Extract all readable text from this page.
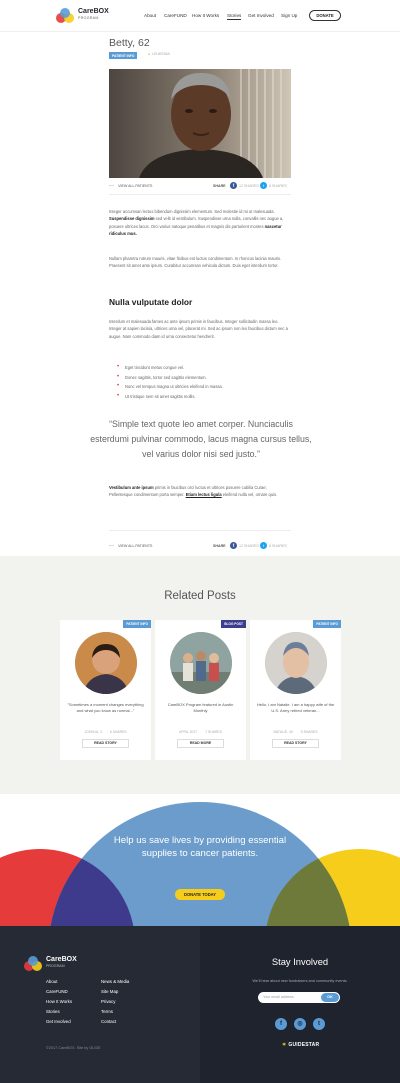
CareBOX
PROGRAM	About CareFUND How It Works Stories Get Involved Sign Up	DONATE
Betty, 62
PATIENT INFO
●	LEUKEMIA
⟵ VIEW ALL PATIENTS	SHARE	f	12 SHARES	t	8 SHARES

Integer accumsan lectus bibendum dignissim elementum. Sed molestie id mi ut malesuada. Suspendisse dignissim sed velit id vestibulum. Suspendisse urna nulla, convallis nec augue a, posuere ultrices lacus. Orci varius natoque penatibus et magnis dis parturient montes nascetur ridiculus mus.

Nullam pharetra rutrum mauris, vitae finibus est luctus condimentum. In rhoncus lacinia mauris. Praesent sit amet ante ipsum. Curabitur accumsan vehicula dictum. Duis eget interdum tortor.

Nulla vulputate dolor

Interdum et malesuada fames ac ante ipsum primis in faucibus. Integer sollicitudin massa leo. Integer at sapien lacinia, ultrices urna vel, placerat mi. Sed ac ipsum non leo faucibus dictum nec a augue. Nam commodo diam id urna consectetur hendrerit.

• Eget tincidunt metus congue vel.
• Donec sagittis, tortor sed sagittis elementum.
• Nunc vel tempus magna ut ultricies eleifend in massa.
• Ut tristique sem sit amet sagittis mollis.
“Simple text quote leo amet corper. Nunciaculis esterdumi pulvinar commodo, lacus magna cursus tellus, vel varius dolor nisi sed justo.”

Vestibulum ante ipsum primis in faucibus orci luctus et ultrices posuere cubilia Curae; Pellentesque condimentum porta semper. Etiam lectus ligula eleifend nulla vel, ornare quis.

⟵ VIEW ALL PATIENTS	SHARE	f	12 SHARES	t	8 SHARES
Related Posts
PATIENT INFO
"Sometimes a moment changes everything and what you know as normal..."
JOSHUA, 3 6 SHARES
READ STORY
BLOG POST
CareBOX Program featured in Austin Monthly
APRIL 2017 7 SHARES
READ MORE
PATIENT INFO
Hello, I am Natalie. I am a happy wife of the U.S. Army retired veteran...
NATALIE, 40 5 SHARES
READ STORY
Help us save lives by providing essential supplies to cancer patients.
DONATE TODAY
CareBOX
PROGRAM
About
CareFUND
How It Works
Stories
Get Involved
News & Media
Site Map
Privacy
Terms
Contact
©2017 CareBOX. Site by GLIDE
Stay Involved
We'll hear about new fundraisers and community events.
Your email address	OK
f	◎	t
✶ GUIDESTAR
